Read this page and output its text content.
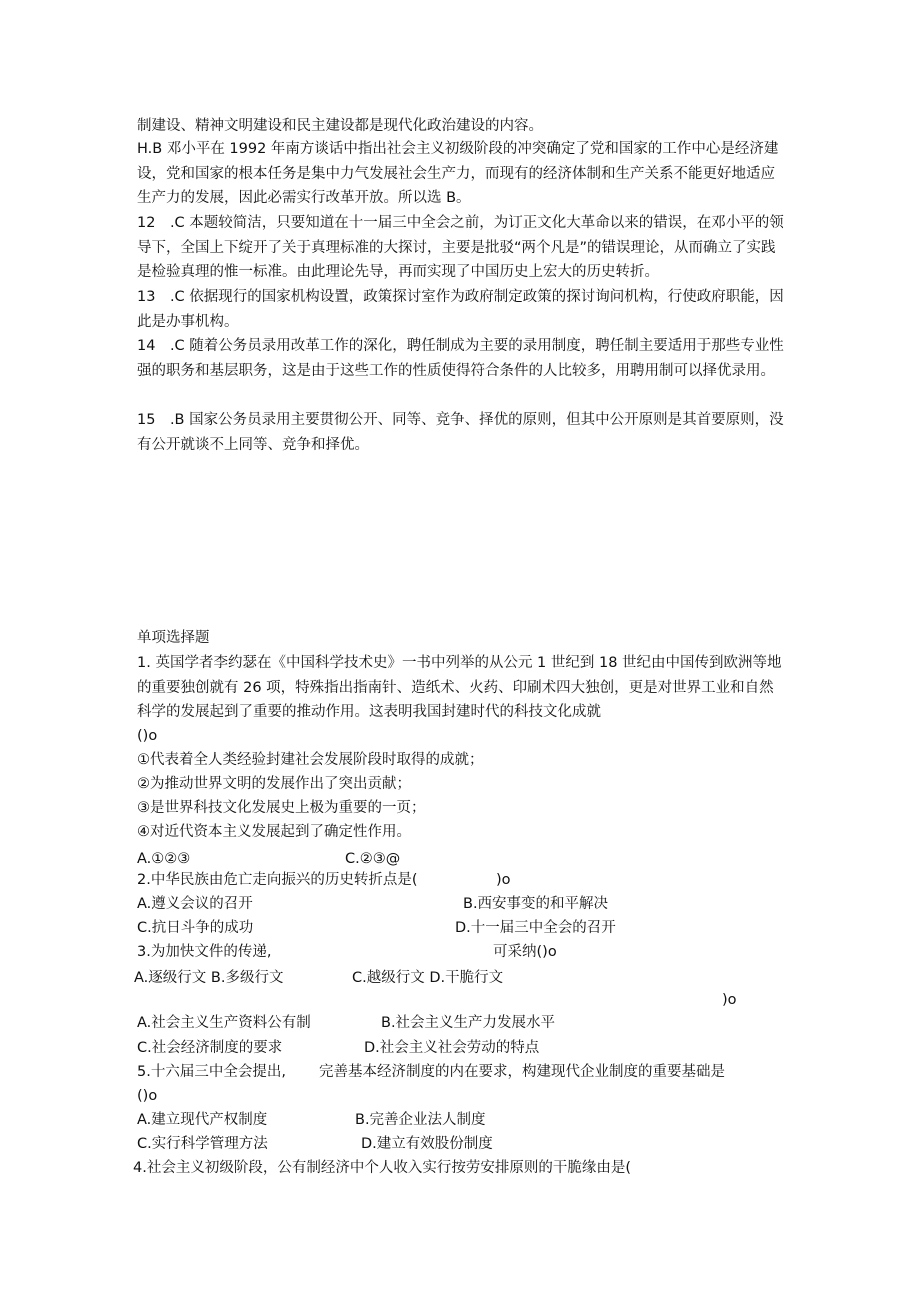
制建设、精神文明建设和民主建设都是现代化政治建设的内容。
H.B 邓小平在 1992 年南方谈话中指出社会主义初级阶段的冲突确定了党和国家的工作中心是经济建设，党和国家的根本任务是集中力气发展社会生产力，而现有的经济体制和生产关系不能更好地适应生产力的发展，因此必需实行改革开放。所以选 B。
12　.C 本题较简洁，只要知道在十一届三中全会之前，为订正文化大革命以来的错误，在邓小平的领导下，全国上下绽开了关于真理标准的大探讨，主要是批驳“两个凡是”的错误理论，从而确立了实践是检验真理的惟一标准。由此理论先导，再而实现了中国历史上宏大的历史转折。
13　.C 依据现行的国家机构设置，政策探讨室作为政府制定政策的探讨询问机构，行使政府职能，因此是办事机构。
14　.C 随着公务员录用改革工作的深化，聘任制成为主要的录用制度，聘任制主要适用于那些专业性强的职务和基层职务，这是由于这些工作的性质使得符合条件的人比较多，用聘用制可以择优录用。
15　.B 国家公务员录用主要贯彻公开、同等、竞争、择优的原则，但其中公开原则是其首要原则，没有公开就谈不上同等、竞争和择优。
单项选择题
1. 英国学者李约瑟在《中国科学技术史》一书中列举的从公元 1 世纪到 18 世纪由中国传到欧洲等地的重要独创就有 26 项，特殊指出指南针、造纸术、火药、印刷术四大独创，更是对世界工业和自然科学的发展起到了重要的推动作用。这表明我国封建时代的科技文化成就
()o
①代表着全人类经验封建社会发展阶段时取得的成就；
②为推动世界文明的发展作出了突出贡献；
③是世界科技文化发展史上极为重要的一页；
④对近代资本主义发展起到了确定性作用。
A.①②③	C.②③@
2.中华民族由危亡走向振兴的历史转折点是(	)o
A.遵义会议的召开	B.西安事变的和平解决
C.抗日斗争的成功	D.十一届三中全会的召开
3.为加快文件的传递,	可采纳()o
A.逐级行文 B.多级行文	C.越级行文 D.干脆行文
)o
A.社会主义生产资料公有制	B.社会主义生产力发展水平
C.社会经济制度的要求	D.社会主义社会劳动的特点
5.十六届三中全会提出, 完善基本经济制度的内在要求，构建现代企业制度的重要基础是
()o
A.建立现代产权制度	B.完善企业法人制度
C.实行科学管理方法	D.建立有效股份制度
4.社会主义初级阶段，公有制经济中个人收入实行按劳安排原则的干脆缘由是(
